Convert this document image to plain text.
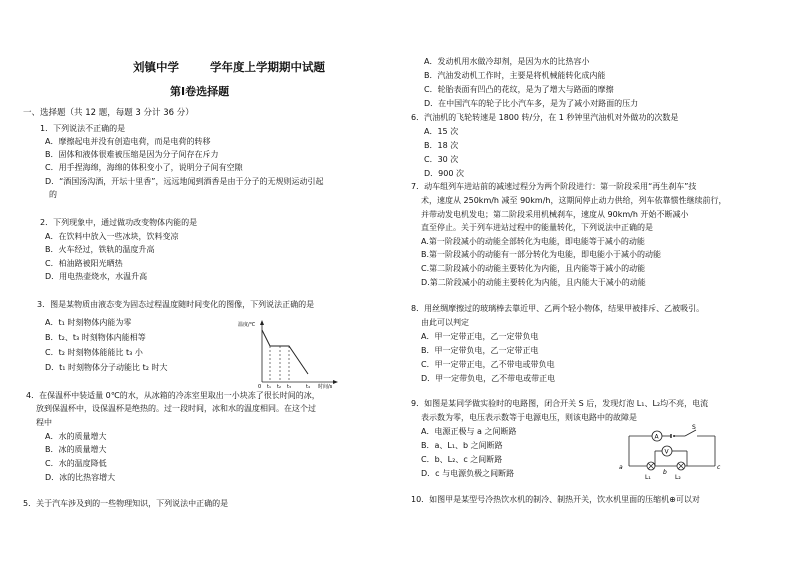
刘镇中学	学年度上学期期中试题
第Ⅰ卷选择题
一、选择题（共 12 题，每题 3 分计 36 分）
1．下列说法不正确的是
A．摩擦起电并没有创造电荷，而是电荷的转移
B．固体和液体很难被压缩是因为分子间存在斥力
C．用手捏海绵，海绵的体积变小了，说明分子间有空隙
D．“酒国汤沟酒，开坛十里香”，远远地闻到酒香是由于分子的无规则运动引起
的
2．下列现象中，通过做功改变物体内能的是
A．在饮料中放入一些冰块，饮料变凉
B．火车经过，铁轨的温度升高
C．柏油路被阳光晒热
D．用电热壶烧水，水温升高
3．图是某物质由液态变为固态过程温度随时间变化的图像，下列说法正确的是
A．t₁ 时刻物体内能为零
B．t₂、t₃ 时刻物体内能相等
C．t₂ 时刻物体能能比 t₃ 小
D．t₁ 时刻物体分子动能比 t₂ 时大
温度/℃
0 t₁ t₂ t₃	t₄ 时间/s
4．在保温杯中装适量 0℃的水，从冰箱的冷冻室里取出一小块冻了很长时间的冰，
放到保温杯中，设保温杯是绝热的。过一段时间，冰和水的温度相同。在这个过
程中
A．水的质量增大
B．冰的质量增大
C．水的温度降低
D．冰的比热容增大
5．关于汽车涉及到的一些物理知识，下列说法中正确的是
A．发动机用水做冷却剂，是因为水的比热容小
B．汽油发动机工作时，主要是将机械能转化成内能
C．轮胎表面有凹凸的花纹，是为了增大与路面的摩擦
D．在中国汽车的轮子比小汽车多，是为了减小对路面的压力
6．汽油机的飞轮转速是 1800 转/分，在 1 秒钟里汽油机对外做功的次数是
A．15 次
B．18 次
C．30 次
D．900 次
7．动车组列车进站前的减速过程分为两个阶段进行：第一阶段采用“再生刹车”技
术，速度从 250km/h 减至 90km/h，这期间停止动力供给，列车依靠惯性继续前行，
并带动发电机发电；第二阶段采用机械刹车，速度从 90km/h 开始不断减小
直至停止。关于列车进站过程中的能量转化，下列说法中正确的是
A.第一阶段减小的动能全部转化为电能，即电能等于减小的动能
B.第一阶段减小的动能有一部分转化为电能，即电能小于减小的动能
C.第二阶段减小的动能主要转化为内能，且内能等于减小的动能
D.第二阶段减小的动能主要转化为内能，且内能大于减小的动能
8．用丝绸摩擦过的玻璃棒去靠近甲、乙两个轻小物体，结果甲被排斥、乙被吸引。
由此可以判定
A．甲一定带正电，乙一定带负电
B．甲一定带负电，乙一定带正电
C．甲一定带正电，乙不带电或带负电
D．甲一定带负电，乙不带电或带正电
9．如图是某同学做实验时的电路图，闭合开关 S 后，发现灯泡 L₁、L₂均不亮，电流
表示数为零，电压表示数等于电源电压，则该电路中的故障是
A．电源正极与 a 之间断路
B．a、L₁、b 之间断路
C．b、L₂、c 之间断路
D．c 与电源负极之间断路
A
S
V
a
b
c
L₁	L₂
10．如图甲是某型号冷热饮水机的制冷、制热开关，饮水机里面的压缩机⊕可以对
